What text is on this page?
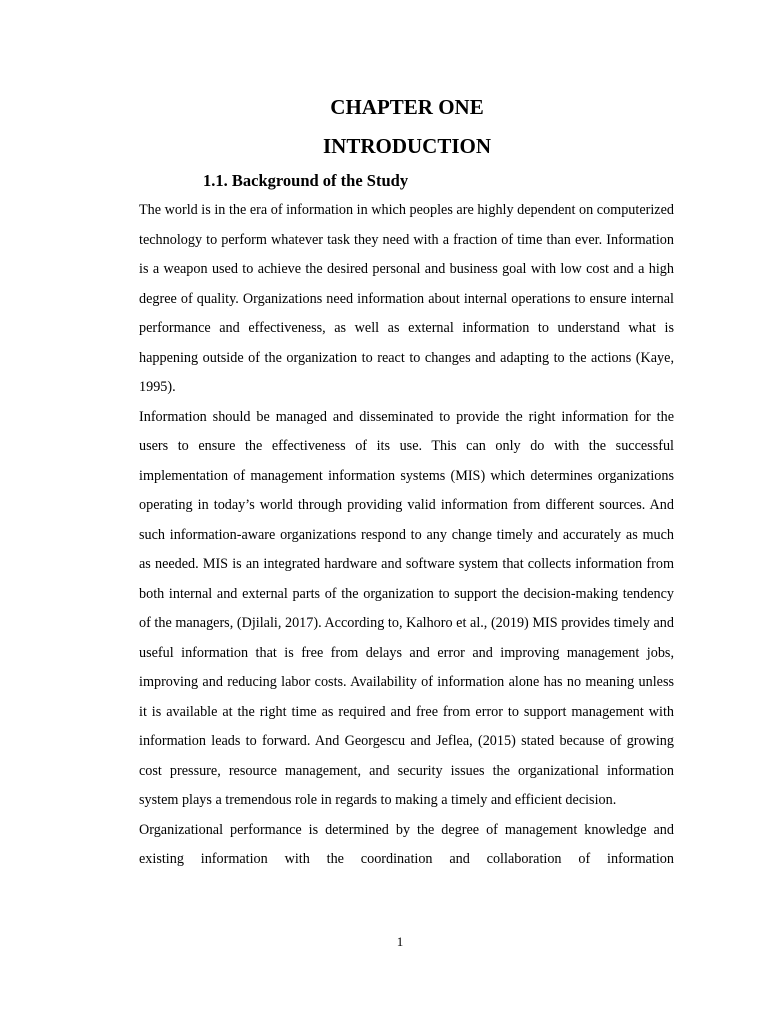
CHAPTER ONE
INTRODUCTION
1.1. Background of the Study

The world is in the era of information in which peoples are highly dependent on computerized technology to perform whatever task they need with a fraction of time than ever. Information is a weapon used to achieve the desired personal and business goal with low cost and a high degree of quality. Organizations need information about internal operations to ensure internal performance and effectiveness, as well as external information to understand what is happening outside of the organization to react to changes and adapting to the actions (Kaye, 1995).

Information should be managed and disseminated to provide the right information for the users to ensure the effectiveness of its use. This can only do with the successful implementation of management information systems (MIS) which determines organizations operating in today’s world through providing valid information from different sources. And such information-aware organizations respond to any change timely and accurately as much as needed. MIS is an integrated hardware and software system that collects information from both internal and external parts of the organization to support the decision-making tendency of the managers, (Djilali, 2017). According to, Kalhoro et al., (2019) MIS provides timely and useful information that is free from delays and error and improving management jobs, improving and reducing labor costs. Availability of information alone has no meaning unless it is available at the right time as required and free from error to support management with information leads to forward. And Georgescu and Jeflea, (2015) stated because of growing cost pressure, resource management, and security issues the organizational information system plays a tremendous role in regards to making a timely and efficient decision.

Organizational performance is determined by the degree of management knowledge and existing information with the coordination and collaboration of information

1
